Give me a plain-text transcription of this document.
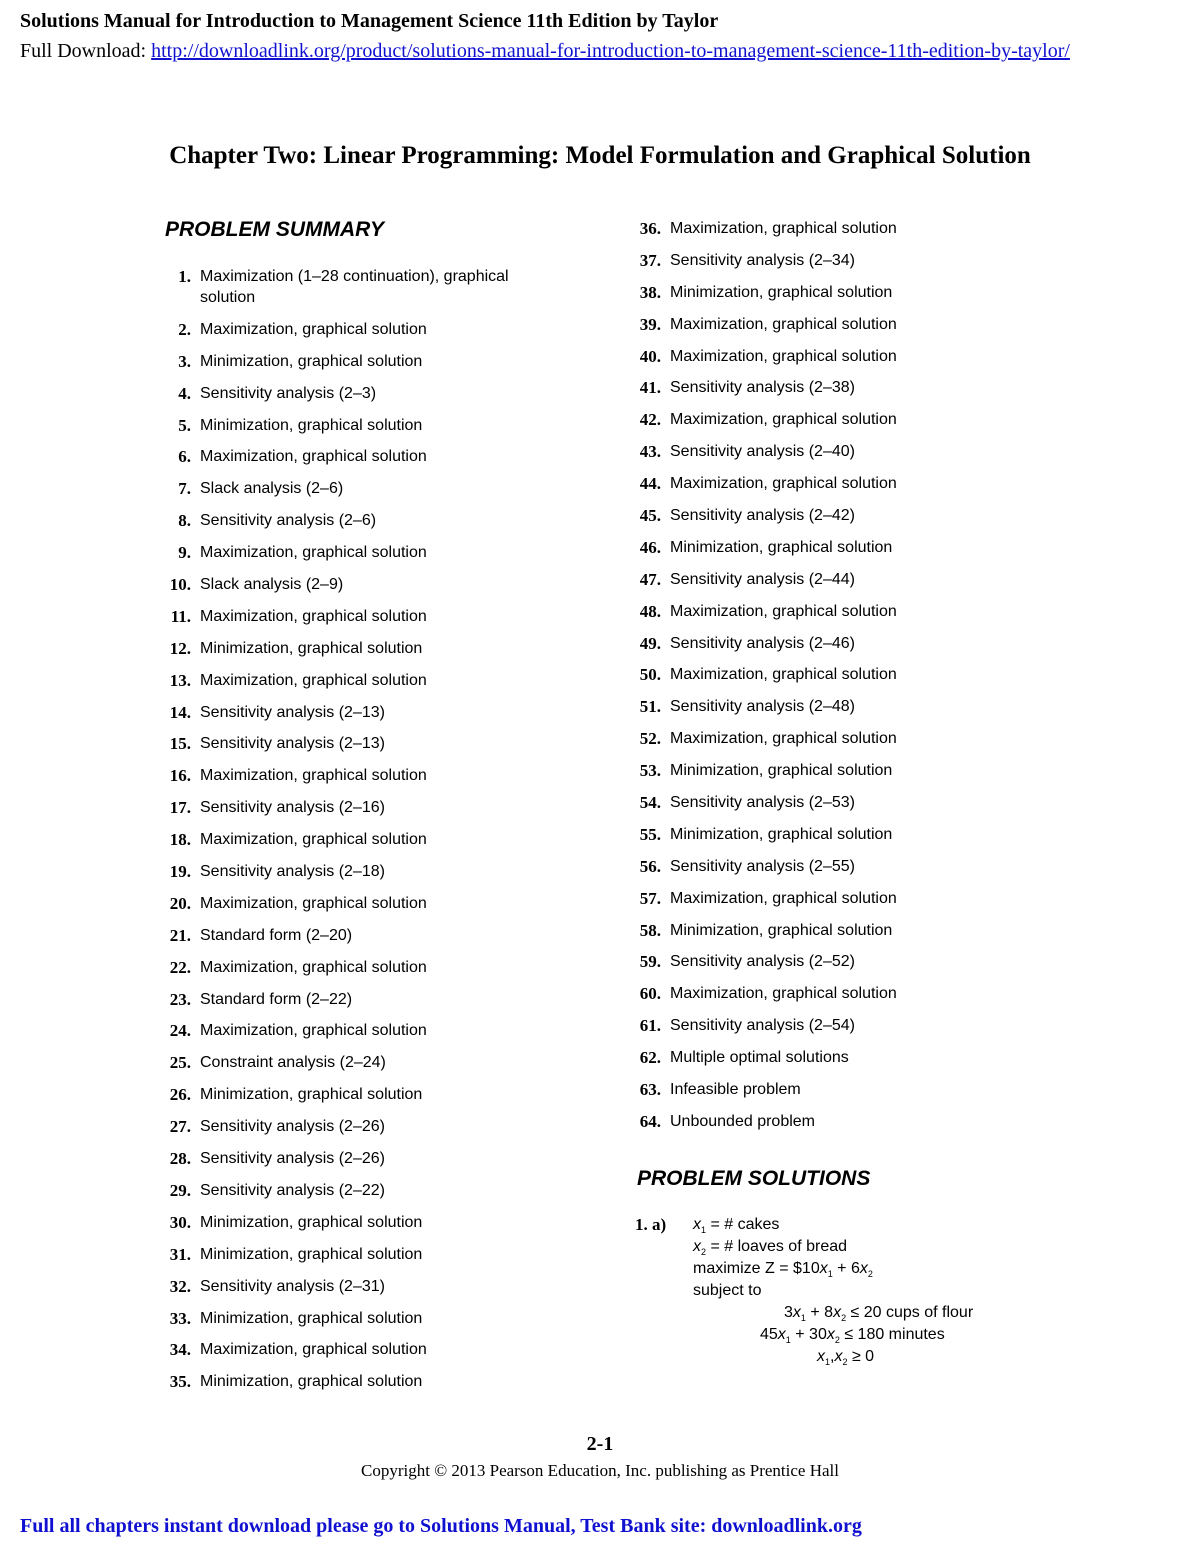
Solutions Manual for Introduction to Management Science 11th Edition by Taylor
Full Download: http://downloadlink.org/product/solutions-manual-for-introduction-to-management-science-11th-edition-by-taylor/
Chapter Two: Linear Programming: Model Formulation and Graphical Solution
PROBLEM SUMMARY
1. Maximization (1–28 continuation), graphical
solution
2. Maximization, graphical solution
3. Minimization, graphical solution
4. Sensitivity analysis (2–3)
5. Minimization, graphical solution
6. Maximization, graphical solution
7. Slack analysis (2–6)
8. Sensitivity analysis (2–6)
9. Maximization, graphical solution
10. Slack analysis (2–9)
11. Maximization, graphical solution
12. Minimization, graphical solution
13. Maximization, graphical solution
14. Sensitivity analysis (2–13)
15. Sensitivity analysis (2–13)
16. Maximization, graphical solution
17. Sensitivity analysis (2–16)
18. Maximization, graphical solution
19. Sensitivity analysis (2–18)
20. Maximization, graphical solution
21. Standard form (2–20)
22. Maximization, graphical solution
23. Standard form (2–22)
24. Maximization, graphical solution
25. Constraint analysis (2–24)
26. Minimization, graphical solution
27. Sensitivity analysis (2–26)
28. Sensitivity analysis (2–26)
29. Sensitivity analysis (2–22)
30. Minimization, graphical solution
31. Minimization, graphical solution
32. Sensitivity analysis (2–31)
33. Minimization, graphical solution
34. Maximization, graphical solution
35. Minimization, graphical solution
36. Maximization, graphical solution
37. Sensitivity analysis (2–34)
38. Minimization, graphical solution
39. Maximization, graphical solution
40. Maximization, graphical solution
41. Sensitivity analysis (2–38)
42. Maximization, graphical solution
43. Sensitivity analysis (2–40)
44. Maximization, graphical solution
45. Sensitivity analysis (2–42)
46. Minimization, graphical solution
47. Sensitivity analysis (2–44)
48. Maximization, graphical solution
49. Sensitivity analysis (2–46)
50. Maximization, graphical solution
51. Sensitivity analysis (2–48)
52. Maximization, graphical solution
53. Minimization, graphical solution
54. Sensitivity analysis (2–53)
55. Minimization, graphical solution
56. Sensitivity analysis (2–55)
57. Maximization, graphical solution
58. Minimization, graphical solution
59. Sensitivity analysis (2–52)
60. Maximization, graphical solution
61. Sensitivity analysis (2–54)
62. Multiple optimal solutions
63. Infeasible problem
64. Unbounded problem
PROBLEM SOLUTIONS
1. a) $x_1$ = # cakes
$x_2$ = # loaves of bread
maximize $Z = \$10x_1 + 6x_2$
subject to
$3x_1 + 8x_2 \le 20$ cups of flour
$45x_1 + 30x_2 \le 180$ minutes
$x_1,x_2 \ge 0$
2-1
Copyright © 2013 Pearson Education, Inc. publishing as Prentice Hall
Full all chapters instant download please go to Solutions Manual, Test Bank site: downloadlink.org
